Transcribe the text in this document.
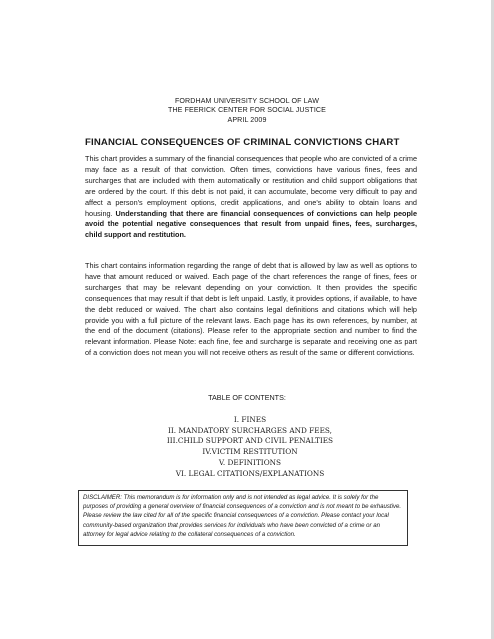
FORDHAM UNIVERSITY SCHOOL OF LAW
THE FEERICK CENTER FOR SOCIAL JUSTICE
APRIL 2009
FINANCIAL CONSEQUENCES OF CRIMINAL CONVICTIONS CHART
This chart provides a summary of the financial consequences that people who are convicted of a crime may face as a result of that conviction. Often times, convictions have various fines, fees and surcharges that are included with them automatically or restitution and child support obligations that are ordered by the court. If this debt is not paid, it can accumulate, become very difficult to pay and affect a person's employment options, credit applications, and one's ability to obtain loans and housing. Understanding that there are financial consequences of convictions can help people avoid the potential negative consequences that result from unpaid fines, fees, surcharges, child support and restitution.
This chart contains information regarding the range of debt that is allowed by law as well as options to have that amount reduced or waived. Each page of the chart references the range of fines, fees or surcharges that may be relevant depending on your conviction. It then provides the specific consequences that may result if that debt is left unpaid. Lastly, it provides options, if available, to have the debt reduced or waived. The chart also contains legal definitions and citations which will help provide you with a full picture of the relevant laws. Each page has its own references, by number, at the end of the document (citations). Please refer to the appropriate section and number to find the relevant information. Please Note: each fine, fee and surcharge is separate and receiving one as part of a conviction does not mean you will not receive others as result of the same or different convictions.
TABLE OF CONTENTS:
I. FINES
II. MANDATORY SURCHARGES AND FEES,
III.CHILD SUPPORT AND CIVIL PENALTIES
IV.VICTIM RESTITUTION
V. DEFINITIONS
VI. LEGAL CITATIONS/EXPLANATIONS
DISCLAIMER: This memorandum is for information only and is not intended as legal advice. It is solely for the purposes of providing a general overview of financial consequences of a conviction and is not meant to be exhaustive. Please review the law cited for all of the specific financial consequences of a conviction. Please contact your local community-based organization that provides services for individuals who have been convicted of a crime or an attorney for legal advice relating to the collateral consequences of a conviction.
